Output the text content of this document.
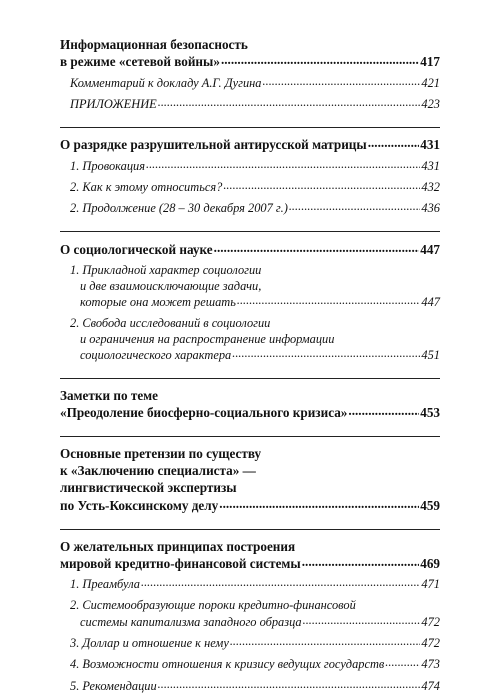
Информационная безопасность
в режиме «сетевой войны» .....	417
Комментарий к докладу А.Г. Дугина .....	421
ПРИЛОЖЕНИЕ .....	423
О разрядке разрушительной антирусской матрицы .....	431
1. Провокация .....	431
2. Как к этому относиться? .....	432
2. Продолжение (28 – 30 декабря 2007 г.) .....	436
О социологической науке .....	447
1. Прикладной характер социологии
и две взаимоисключающие задачи,
которые она может решать .....	447
2. Свобода исследований в социологии
и ограничения на распространение информации
социологического характера .....	451
Заметки по теме
«Преодоление биосферно-социального кризиса» .....	453
Основные претензии по существу
к «Заключению специалиста» —
лингвистической экспертизы
по Усть-Коксинскому делу .....	459
О желательных принципах построения
мировой кредитно-финансовой системы .....	469
1. Преамбула .....	471
2. Системообразующие пороки кредитно-финансовой
системы капитализма западного образца .....	472
3. Доллар и отношение к нему .....	472
4. Возможности отношения к кризису ведущих государств .....	473
5. Рекомендации .....	474
